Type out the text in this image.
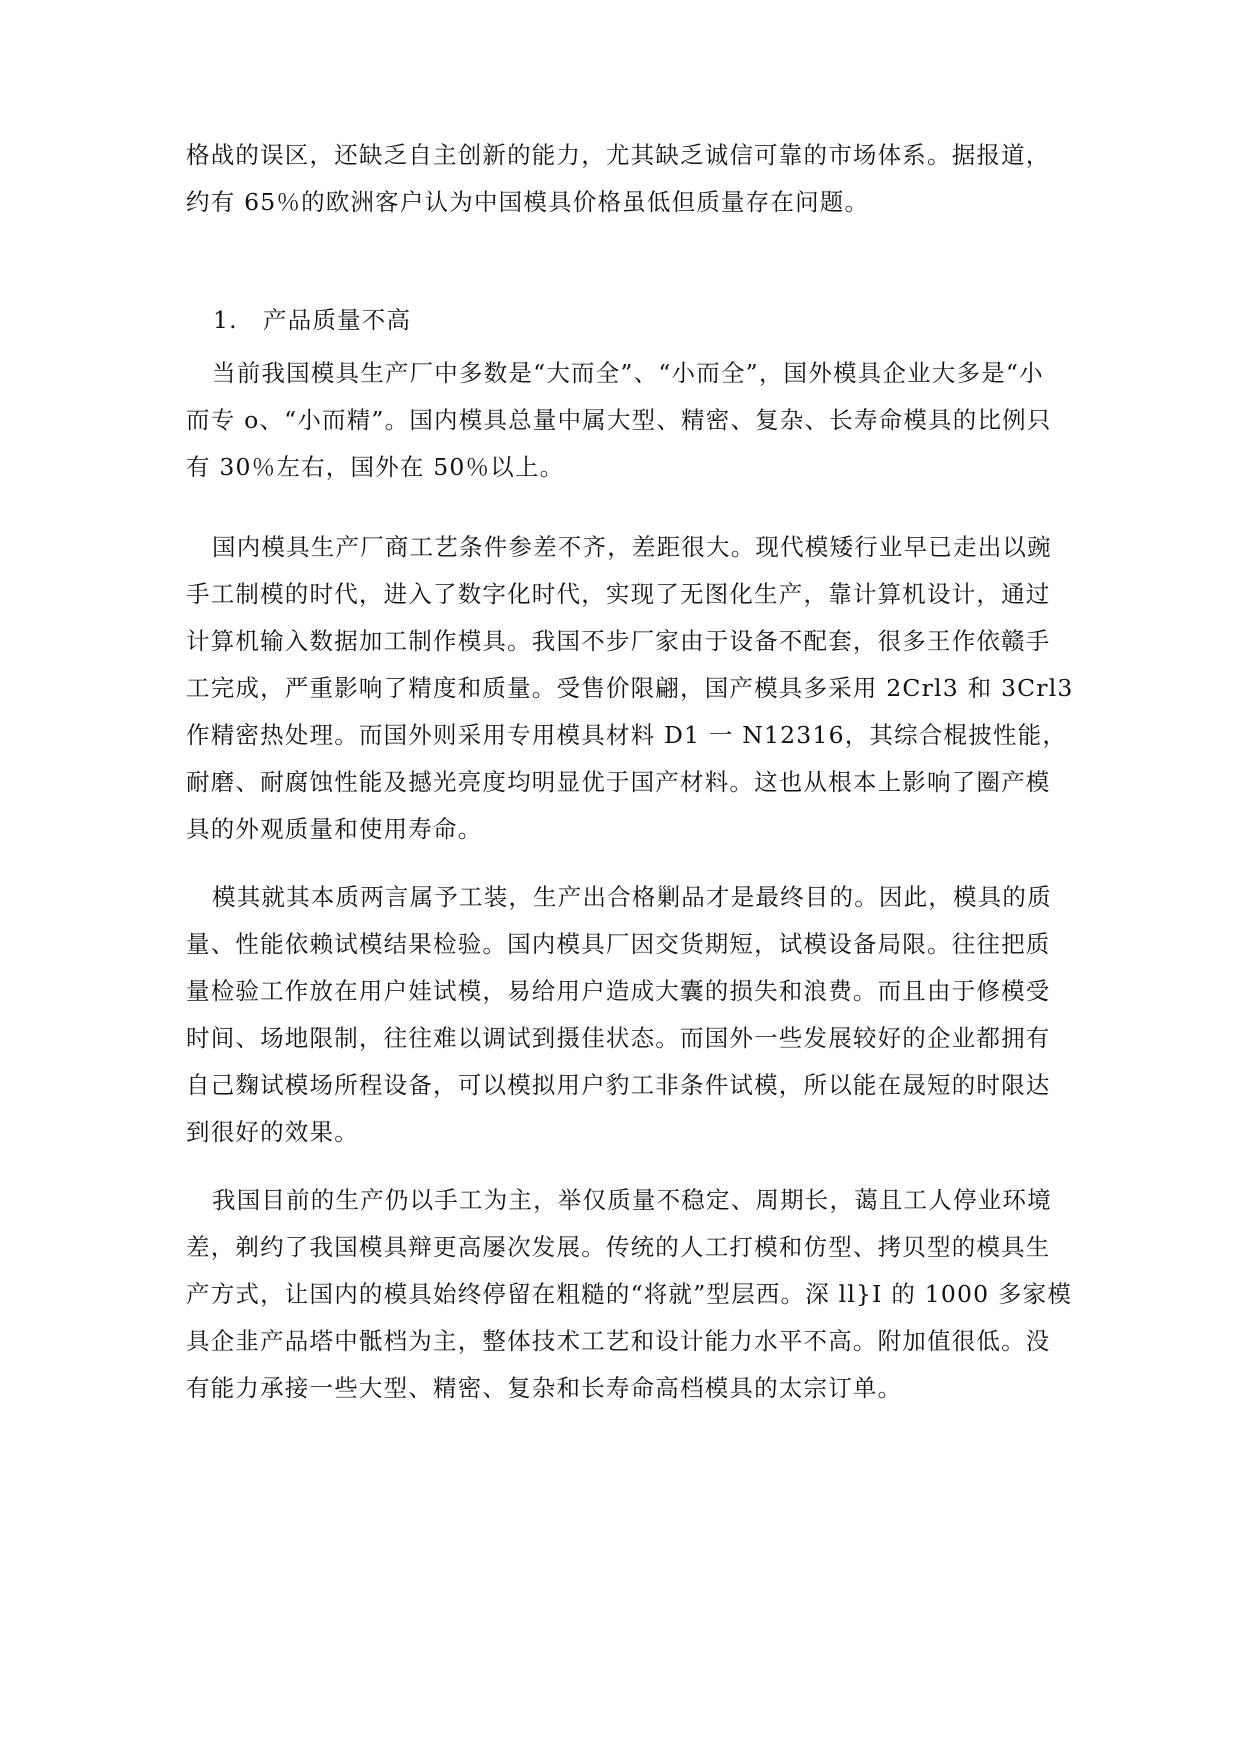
格战的误区，还缺乏自主创新的能力，尤其缺乏诚信可靠的市场体系。据报道，
约有 65％的欧洲客户认为中国模具价格虽低但质量存在问题。

1. 产品质量不高

当前我国模具生产厂中多数是“大而全”、“小而全”，国外模具企业大多是“小
而专 o、“小而精”。国内模具总量中属大型、精密、复杂、长寿命模具的比例只
有 30％左右，国外在 50％以上。

国内模具生产厂商工艺条件参差不齐，差距很大。现代模矮行业早已走出以豌
手工制模的时代，进入了数字化时代，实现了无图化生产，靠计算机设计，通过
计算机输入数据加工制作模具。我国不步厂家由于设备不配套，很多王作依赣手
工完成，严重影响了精度和质量。受售价限翩，国产模具多采用 2Crl3 和 3Crl3
作精密热处理。而国外则采用专用模具材料 D1 一 N12316，其综合棍披性能，
耐磨、耐腐蚀性能及撼光亮度均明显优于国产材料。这也从根本上影响了圈产模
具的外观质量和使用寿命。

模其就其本质两言属予工装，生产出合格剿品才是最终目的。因此，模具的质
量、性能依赖试模结果检验。国内模具厂因交货期短，试模设备局限。往往把质
量检验工作放在用户娃试模，易给用户造成大囊的损失和浪费。而且由于修模受
时间、场地限制，往往难以调试到摄佳状态。而国外一些发展较好的企业都拥有
自己麴试模场所程设备，可以模拟用户豹工非条件试模，所以能在晟短的时限达
到很好的效果。

我国目前的生产仍以手工为主，举仅质量不稳定、周期长，蔼且工人停业环境
差，剃约了我国模具辩更高屡次发展。传统的人工打模和仿型、拷贝型的模具生
产方式，让国内的模具始终停留在粗糙的“将就”型层西。深 ll}I 的 1000 多家模
具企韭产品塔中骶档为主，整体技术工艺和设计能力水平不高。附加值很低。没
有能力承接一些大型、精密、复杂和长寿命高档模具的太宗订单。
